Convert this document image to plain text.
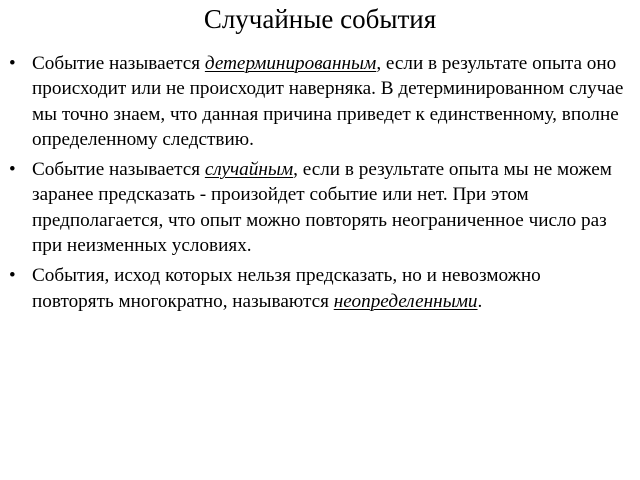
Случайные события
• Событие называется детерминированным, если в результате опыта оно происходит или не происходит наверняка. В детерминированном случае мы точно знаем, что данная причина приведет к единственному, вполне определенному следствию.
• Событие называется случайным, если в результате опыта мы не можем заранее предсказать - произойдет событие или нет. При этом предполагается, что опыт можно повторять неограниченное число раз при неизменных условиях.
• События, исход которых нельзя предсказать, но и невозможно повторять многократно, называются неопределенными.
